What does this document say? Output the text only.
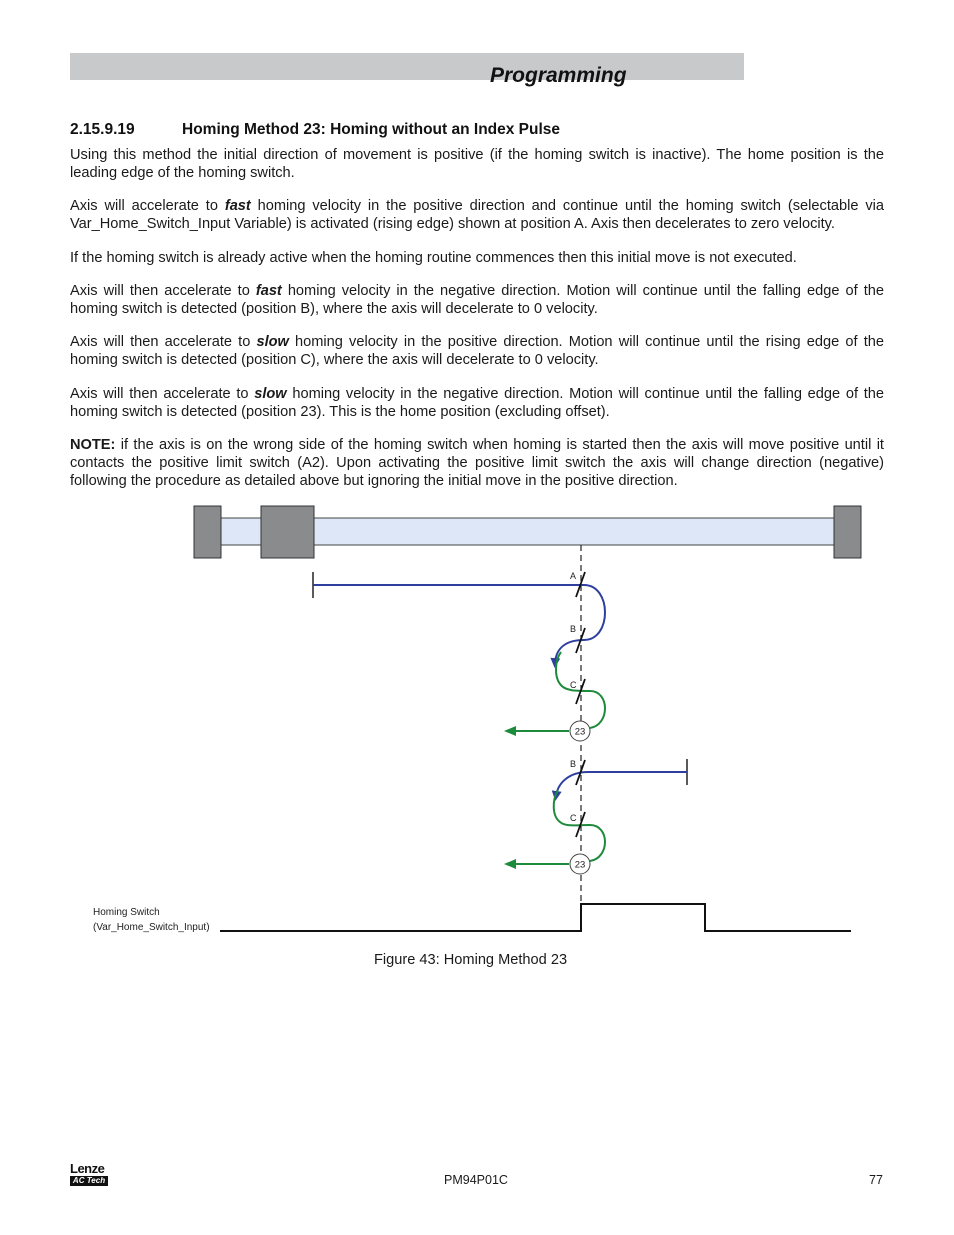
Programming
2.15.9.19	Homing Method 23: Homing without an Index Pulse
Using this method the initial direction of movement is positive (if the homing switch is inactive). The home position is the leading edge of the homing switch.
Axis will accelerate to fast homing velocity in the positive direction and continue until the homing switch (selectable via Var_Home_Switch_Input Variable) is activated (rising edge) shown at position A. Axis then decelerates to zero velocity.
If the homing switch is already active when the homing routine commences then this initial move is not executed.
Axis will then accelerate to fast homing velocity in the negative direction. Motion will continue until the falling edge of the homing switch is detected (position B), where the axis will decelerate to 0 velocity.
Axis will then accelerate to slow homing velocity in the positive direction. Motion will continue until the rising edge of the homing switch is detected (position C), where the axis will decelerate to 0 velocity.
Axis will then accelerate to slow homing velocity in the negative direction. Motion will continue until the falling edge of the homing switch is detected (position 23). This is the home position (excluding offset).
NOTE: if the axis is on the wrong side of the homing switch when homing is started then the axis will move positive until it contacts the positive limit switch (A2). Upon activating the positive limit switch the axis will change direction (negative) following the procedure as detailed above but ignoring the initial move in the positive direction.
A
B
C
B
C
23
23
Homing Switch
(Var_Home_Switch_Input)
Figure 43: Homing Method 23
Lenze
AC Tech	PM94P01C	77
